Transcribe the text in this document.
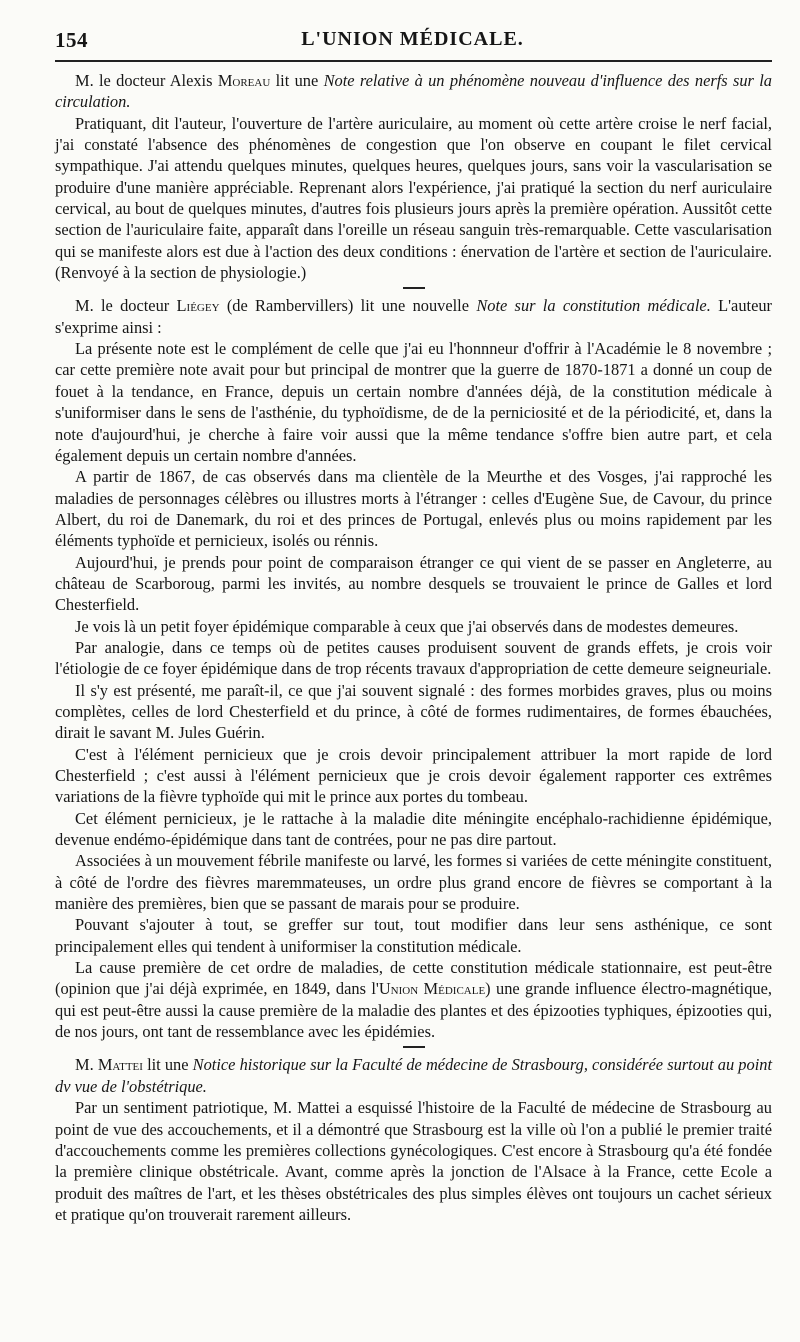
154	L'UNION MÉDICALE.

M. le docteur Alexis Moreau lit une Note relative à un phénomène nouveau d'influence des nerfs sur la circulation.

Pratiquant, dit l'auteur, l'ouverture de l'artère auriculaire, au moment où cette artère croise le nerf facial, j'ai constaté l'absence des phénomènes de congestion que l'on observe en coupant le filet cervical sympathique. J'ai attendu quelques minutes, quelques heures, quelques jours, sans voir la vascularisation se produire d'une manière appréciable. Reprenant alors l'expérience, j'ai pratiqué la section du nerf auriculaire cervical, au bout de quelques minutes, d'autres fois plusieurs jours après la première opération. Aussitôt cette section de l'auriculaire faite, apparaît dans l'oreille un réseau sanguin très-remarquable. Cette vascularisation qui se manifeste alors est due à l'action des deux conditions : énervation de l'artère et section de l'auriculaire. (Renvoyé à la section de physiologie.)

M. le docteur Liégey (de Rambervillers) lit une nouvelle Note sur la constitution médicale. L'auteur s'exprime ainsi :

La présente note est le complément de celle que j'ai eu l'honnneur d'offrir à l'Académie le 8 novembre ; car cette première note avait pour but principal de montrer que la guerre de 1870-1871 a donné un coup de fouet à la tendance, en France, depuis un certain nombre d'années déjà, de la constitution médicale à s'uniformiser dans le sens de l'asthénie, du typhoïdisme, de de la perniciosité et de la périodicité, et, dans la note d'aujourd'hui, je cherche à faire voir aussi que la même tendance s'offre bien autre part, et cela également depuis un certain nombre d'années.

A partir de 1867, de cas observés dans ma clientèle de la Meurthe et des Vosges, j'ai rapproché les maladies de personnages célèbres ou illustres morts à l'étranger : celles d'Eugène Sue, de Cavour, du prince Albert, du roi de Danemark, du roi et des princes de Portugal, enlevés plus ou moins rapidement par les éléments typhoïde et pernicieux, isolés ou rénnis.

Aujourd'hui, je prends pour point de comparaison étranger ce qui vient de se passer en Angleterre, au château de Scarboroug, parmi les invités, au nombre desquels se trouvaient le prince de Galles et lord Chesterfield.

Je vois là un petit foyer épidémique comparable à ceux que j'ai observés dans de modestes demeures.

Par analogie, dans ce temps où de petites causes produisent souvent de grands effets, je crois voir l'étiologie de ce foyer épidémique dans de trop récents travaux d'appropriation de cette demeure seigneuriale.

Il s'y est présenté, me paraît-il, ce que j'ai souvent signalé : des formes morbides graves, plus ou moins complètes, celles de lord Chesterfield et du prince, à côté de formes rudimentaires, de formes ébauchées, dirait le savant M. Jules Guérin.

C'est à l'élément pernicieux que je crois devoir principalement attribuer la mort rapide de lord Chesterfield ; c'est aussi à l'élément pernicieux que je crois devoir également rapporter ces extrêmes variations de la fièvre typhoïde qui mit le prince aux portes du tombeau.

Cet élément pernicieux, je le rattache à la maladie dite méningite encéphalo-rachidienne épidémique, devenue endémo-épidémique dans tant de contrées, pour ne pas dire partout.

Associées à un mouvement fébrile manifeste ou larvé, les formes si variées de cette méningite constituent, à côté de l'ordre des fièvres maremmateuses, un ordre plus grand encore de fièvres se comportant à la manière des premières, bien que se passant de marais pour se produire.

Pouvant s'ajouter à tout, se greffer sur tout, tout modifier dans leur sens asthénique, ce sont principalement elles qui tendent à uniformiser la constitution médicale.

La cause première de cet ordre de maladies, de cette constitution médicale stationnaire, est peut-être (opinion que j'ai déjà exprimée, en 1849, dans l'Union Médicale) une grande influence électro-magnétique, qui est peut-être aussi la cause première de la maladie des plantes et des épizooties typhiques, épizooties qui, de nos jours, ont tant de ressemblance avec les épidémies.

M. Mattei lit une Notice historique sur la Faculté de médecine de Strasbourg, considérée surtout au point dv vue de l'obstétrique.

Par un sentiment patriotique, M. Mattei a esquissé l'histoire de la Faculté de médecine de Strasbourg au point de vue des accouchements, et il a démontré que Strasbourg est la ville où l'on a publié le premier traité d'accouchements comme les premières collections gynécologiques. C'est encore à Strasbourg qu'a été fondée la première clinique obstétricale. Avant, comme après la jonction de l'Alsace à la France, cette Ecole a produit des maîtres de l'art, et les thèses obstétricales des plus simples élèves ont toujours un cachet sérieux et pratique qu'on trouverait rarement ailleurs.
